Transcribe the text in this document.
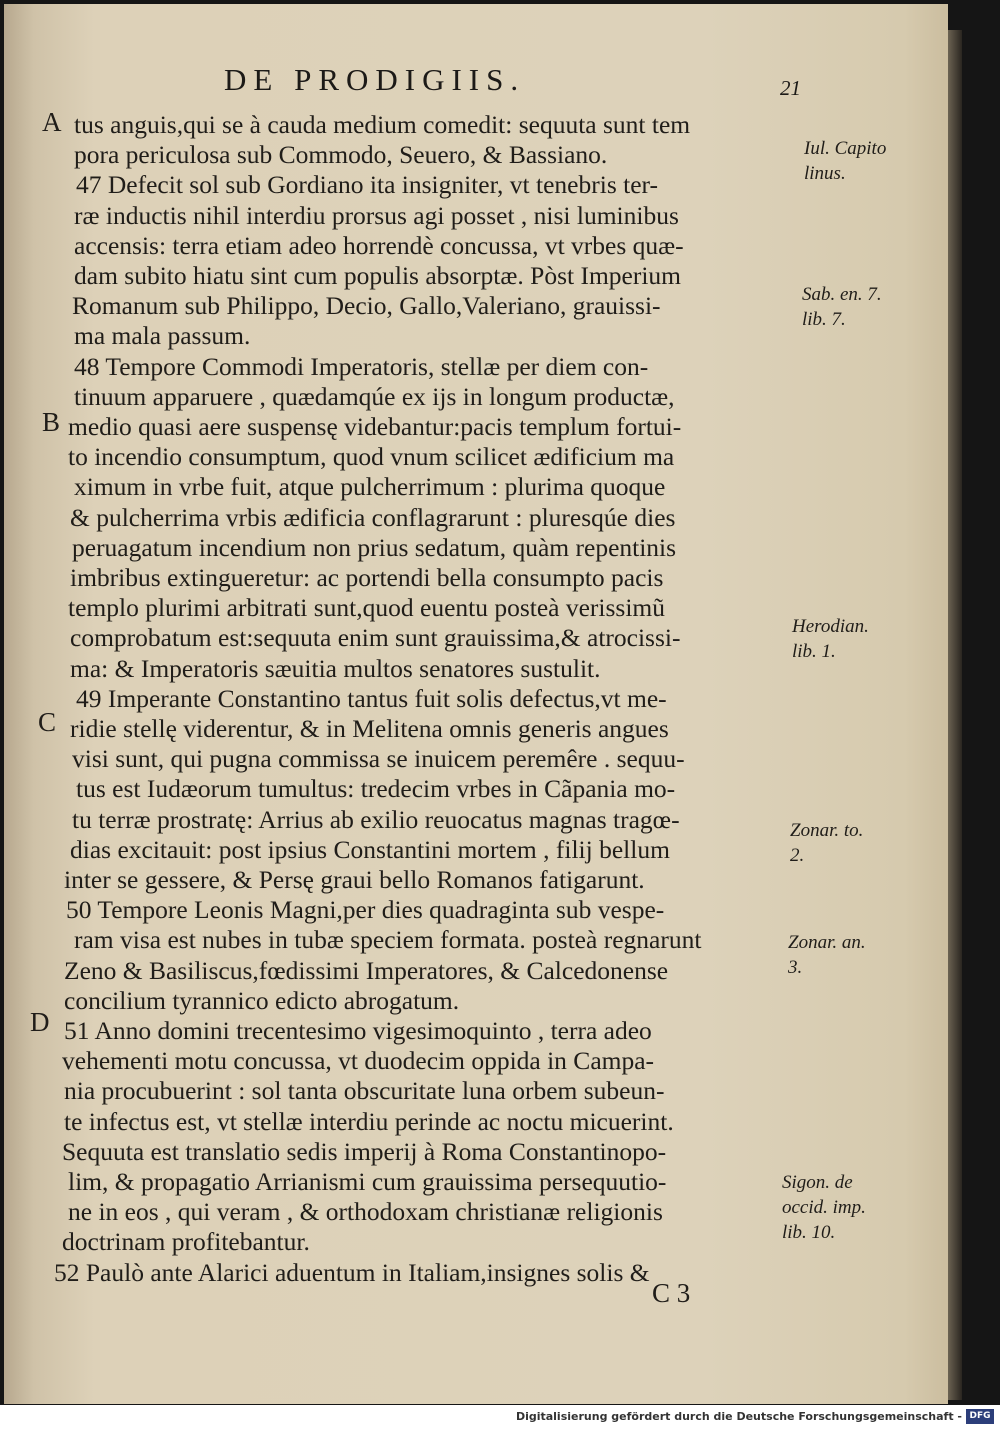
DE PRODIGIIS.	21
A
B
C
D
tus anguis,qui se à cauda medium comedit: sequuta sunt tem
pora periculosa sub Commodo, Seuero, & Bassiano.
47 Defecit sol sub Gordiano ita insigniter, vt tenebris ter-
ræ inductis nihil interdiu prorsus agi posset , nisi luminibus
accensis: terra etiam adeo horrendè concussa, vt vrbes quæ-
dam subito hiatu sint cum populis absorptæ. Pòst Imperium
Romanum sub Philippo, Decio, Gallo,Valeriano, grauissi-
ma mala passum.
48 Tempore Commodi Imperatoris, stellæ per diem con-
tinuum apparuere , quædamqúe ex ijs in longum productæ,
medio quasi aere suspensę videbantur:pacis templum fortui-
to incendio consumptum, quod vnum scilicet ædificium ma
ximum in vrbe fuit, atque pulcherrimum : plurima quoque
& pulcherrima vrbis ædificia conflagrarunt : pluresqúe dies
peruagatum incendium non prius sedatum, quàm repentinis
imbribus extingueretur: ac portendi bella consumpto pacis
templo plurimi arbitrati sunt,quod euentu posteà verissimũ
comprobatum est:sequuta enim sunt grauissima,& atrocissi-
ma: & Imperatoris sæuitia multos senatores sustulit.
49 Imperante Constantino tantus fuit solis defectus,vt me-
ridie stellę viderentur, & in Melitena omnis generis angues
visi sunt, qui pugna commissa se inuicem peremêre . sequu-
tus est Iudæorum tumultus: tredecim vrbes in Cãpania mo-
tu terræ prostratę: Arrius ab exilio reuocatus magnas tragœ-
dias excitauit: post ipsius Constantini mortem , filij bellum
inter se gessere, & Persę graui bello Romanos fatigarunt.
50 Tempore Leonis Magni,per dies quadraginta sub vespe-
ram visa est nubes in tubæ speciem formata. posteà regnarunt
Zeno & Basiliscus,fœdissimi Imperatores, & Calcedonense
concilium tyrannico edicto abrogatum.
51 Anno domini trecentesimo vigesimoquinto , terra adeo
vehementi motu concussa, vt duodecim oppida in Campa-
nia procubuerint : sol tanta obscuritate luna orbem subeun-
te infectus est, vt stellæ interdiu perinde ac noctu micuerint.
Sequuta est translatio sedis imperij à Roma Constantinopo-
lim, & propagatio Arrianismi cum grauissima persequutio-
ne in eos , qui veram , & orthodoxam christianæ religionis
doctrinam profitebantur.
52 Paulò ante Alarici aduentum in Italiam,insignes solis &
Iul. Capito
linus.
Sab. en. 7.
lib. 7.
Herodian.
lib. 1.
Zonar. to.
2.
Zonar. an.
3.
Sigon. de
occid. imp.
lib. 10.
C 3
Digitalisierung gefördert durch die Deutsche Forschungsgemeinschaft - DFG
